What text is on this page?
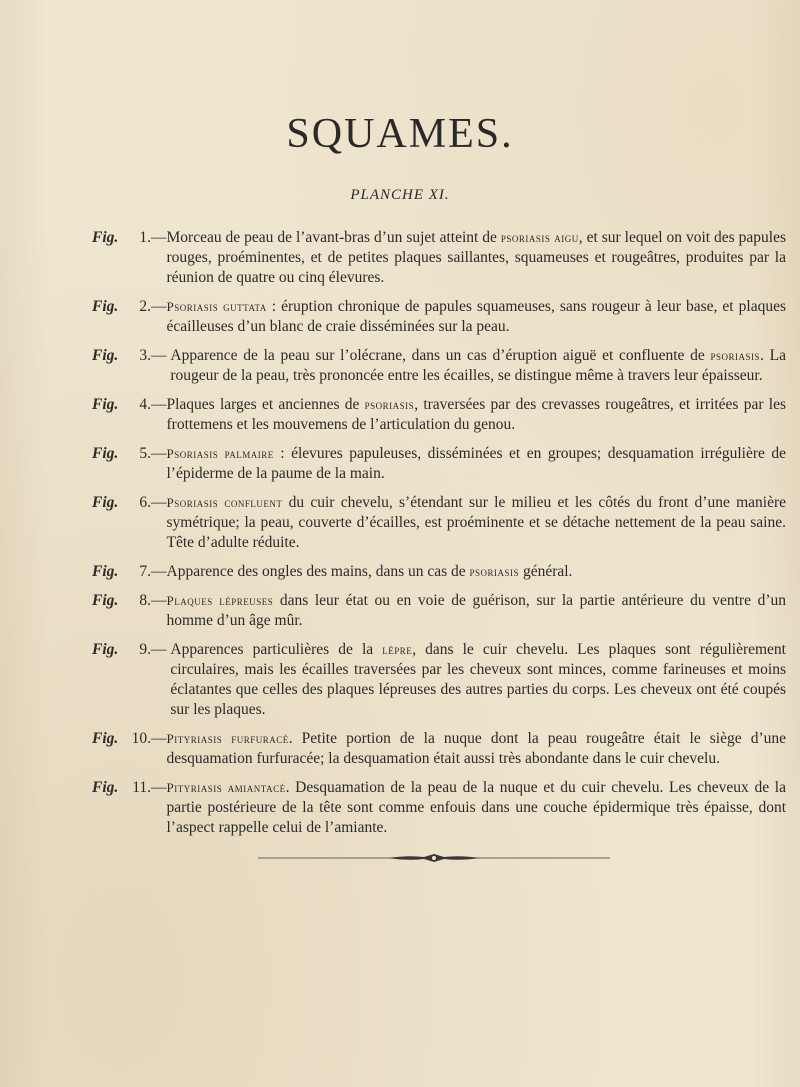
SQUAMES.
PLANCHE XI.
Fig.	1. — Morceau de peau de l’avant-bras d’un sujet atteint de psoriasis aigu, et sur lequel on voit des papules rouges, proéminentes, et de petites plaques saillantes, squameuses et rougeâtres, produites par la réunion de quatre ou cinq élevures.
Fig.	2. — Psoriasis guttata : éruption chronique de papules squameuses, sans rougeur à leur base, et plaques écailleuses d’un blanc de craie disséminées sur la peau.
Fig.	3. — Apparence de la peau sur l’olécrane, dans un cas d’éruption aiguë et confluente de psoriasis. La rougeur de la peau, très prononcée entre les écailles, se distingue même à travers leur épaisseur.
Fig.	4. — Plaques larges et anciennes de psoriasis, traversées par des crevasses rougeâtres, et irritées par les frottemens et les mouvemens de l’articulation du genou.
Fig.	5. — Psoriasis palmaire : élevures papuleuses, disséminées et en groupes; desquamation irrégulière de l’épiderme de la paume de la main.
Fig.	6. — Psoriasis confluent du cuir chevelu, s’étendant sur le milieu et les côtés du front d’une manière symétrique; la peau, couverte d’écailles, est proéminente et se détache nettement de la peau saine. Tête d’adulte réduite.
Fig.	7. — Apparence des ongles des mains, dans un cas de psoriasis général.
Fig.	8. — Plaques lépreuses dans leur état ou en voie de guérison, sur la partie antérieure du ventre d’un homme d’un âge mûr.
Fig.	9. — Apparences particulières de la lèpre, dans le cuir chevelu. Les plaques sont régulièrement circulaires, mais les écailles traversées par les cheveux sont minces, comme farineuses et moins éclatantes que celles des plaques lépreuses des autres parties du corps. Les cheveux ont été coupés sur les plaques.
Fig. 10. — Pityriasis furfuracé. Petite portion de la nuque dont la peau rougeâtre était le siège d’une desquamation furfuracée; la desquamation était aussi très abondante dans le cuir chevelu.
Fig. 11. — Pityriasis amiantacé. Desquamation de la peau de la nuque et du cuir chevelu. Les cheveux de la partie postérieure de la tête sont comme enfouis dans une couche épidermique très épaisse, dont l’aspect rappelle celui de l’amiante.
